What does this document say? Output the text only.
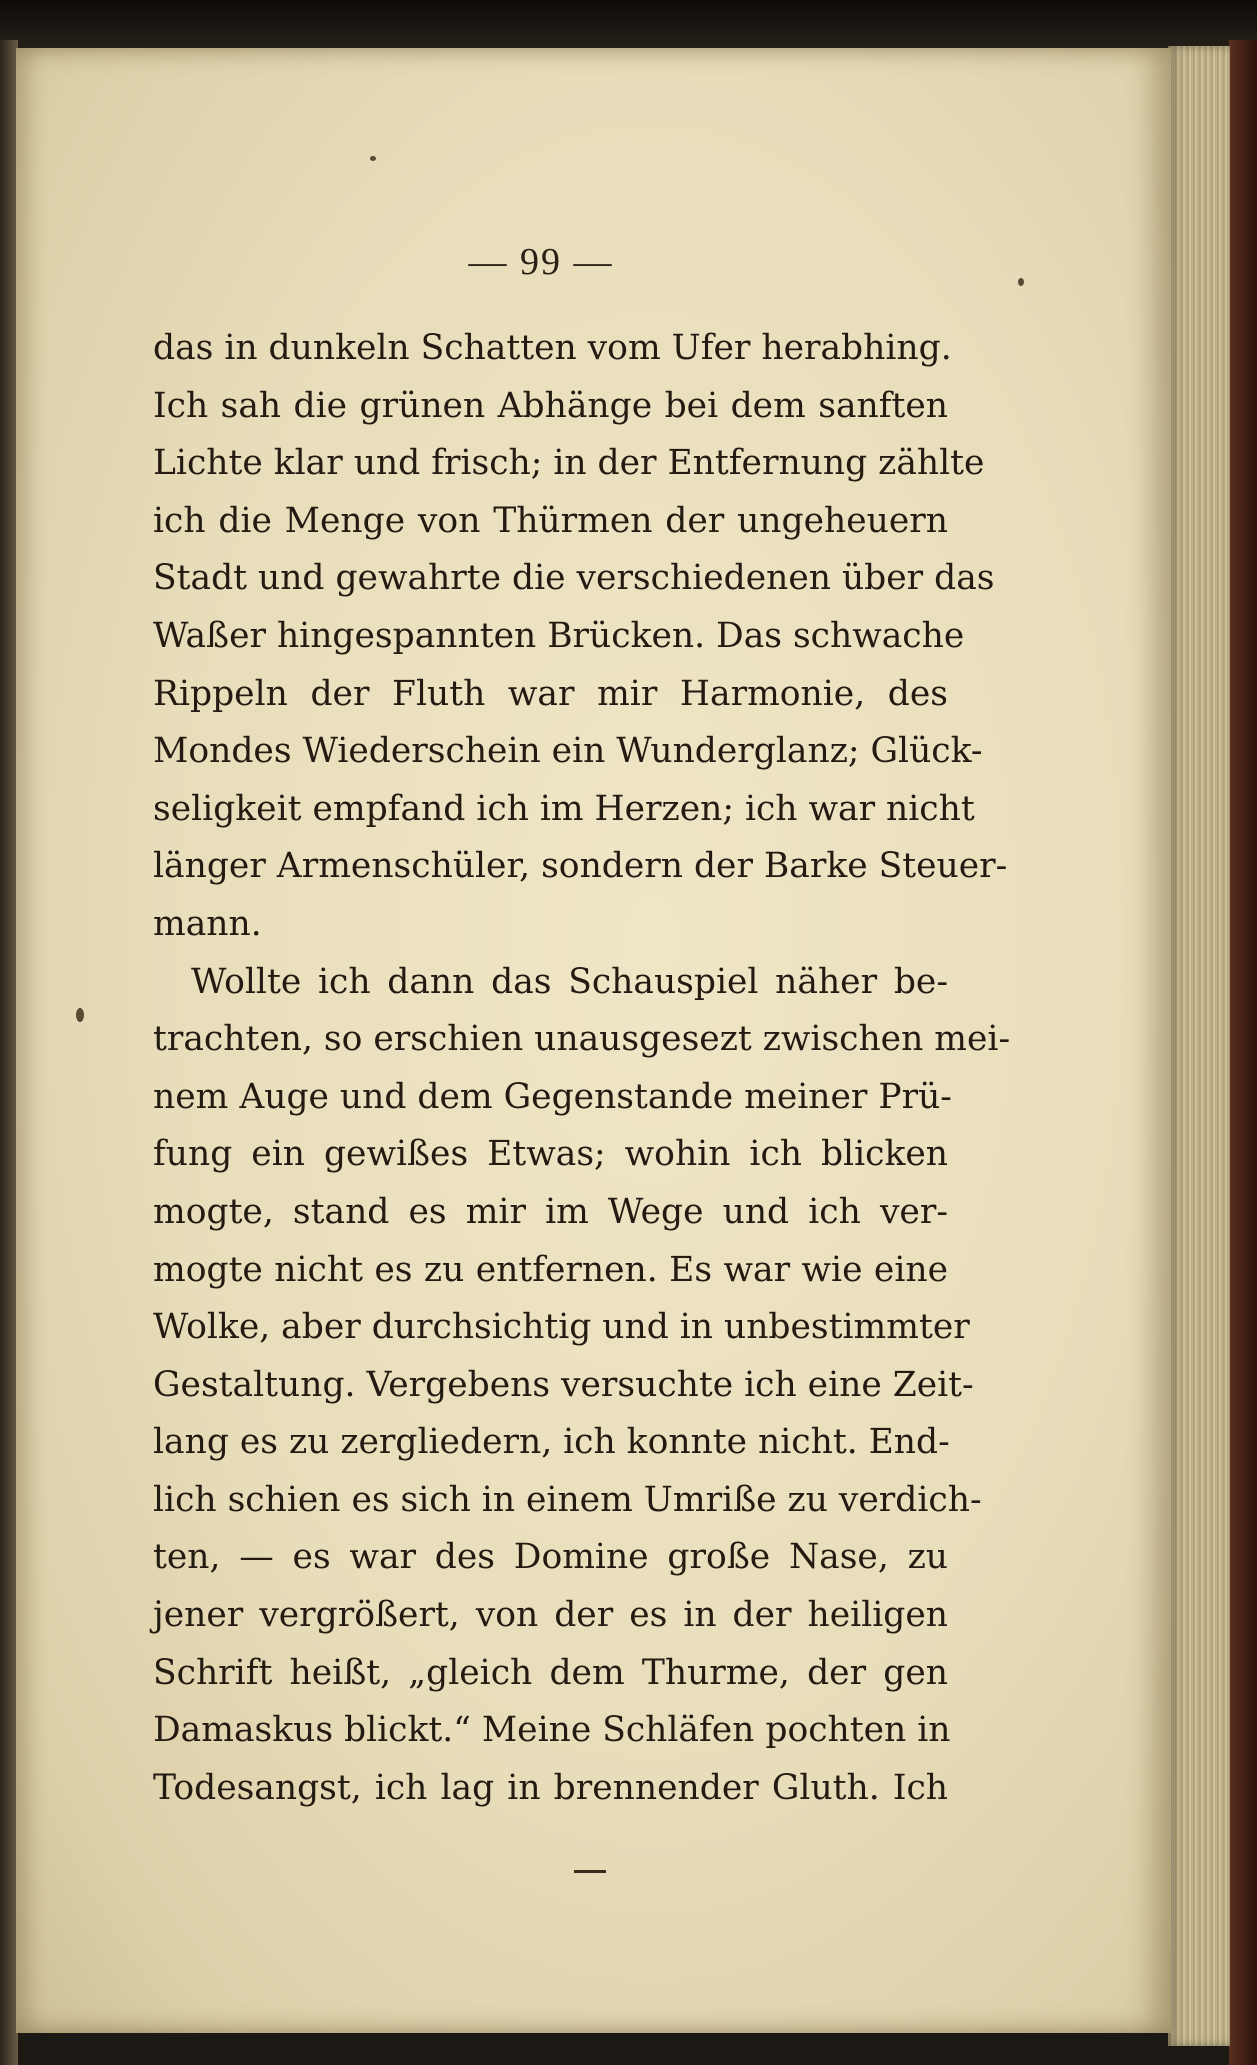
— 99 —
das in dunkeln Schatten vom Ufer herabhing.
Ich sah die grünen Abhänge bei dem sanften
Lichte klar und frisch; in der Entfernung zählte
ich die Menge von Thürmen der ungeheuern
Stadt und gewahrte die verschiedenen über das
Waßer hingespannten Brücken. Das schwache
Rippeln der Fluth war mir Harmonie, des
Mondes Wiederschein ein Wunderglanz; Glück-
seligkeit empfand ich im Herzen; ich war nicht
länger Armenschüler, sondern der Barke Steuer-
mann.
Wollte ich dann das Schauspiel näher be-
trachten, so erschien unausgesezt zwischen mei-
nem Auge und dem Gegenstande meiner Prü-
fung ein gewißes Etwas; wohin ich blicken
mogte, stand es mir im Wege und ich ver-
mogte nicht es zu entfernen. Es war wie eine
Wolke, aber durchsichtig und in unbestimmter
Gestaltung. Vergebens versuchte ich eine Zeit-
lang es zu zergliedern, ich konnte nicht. End-
lich schien es sich in einem Umriße zu verdich-
ten, — es war des Domine große Nase, zu
jener vergrößert, von der es in der heiligen
Schrift heißt, „gleich dem Thurme, der gen
Damaskus blickt.“ Meine Schläfen pochten in
Todesangst, ich lag in brennender Gluth. Ich
